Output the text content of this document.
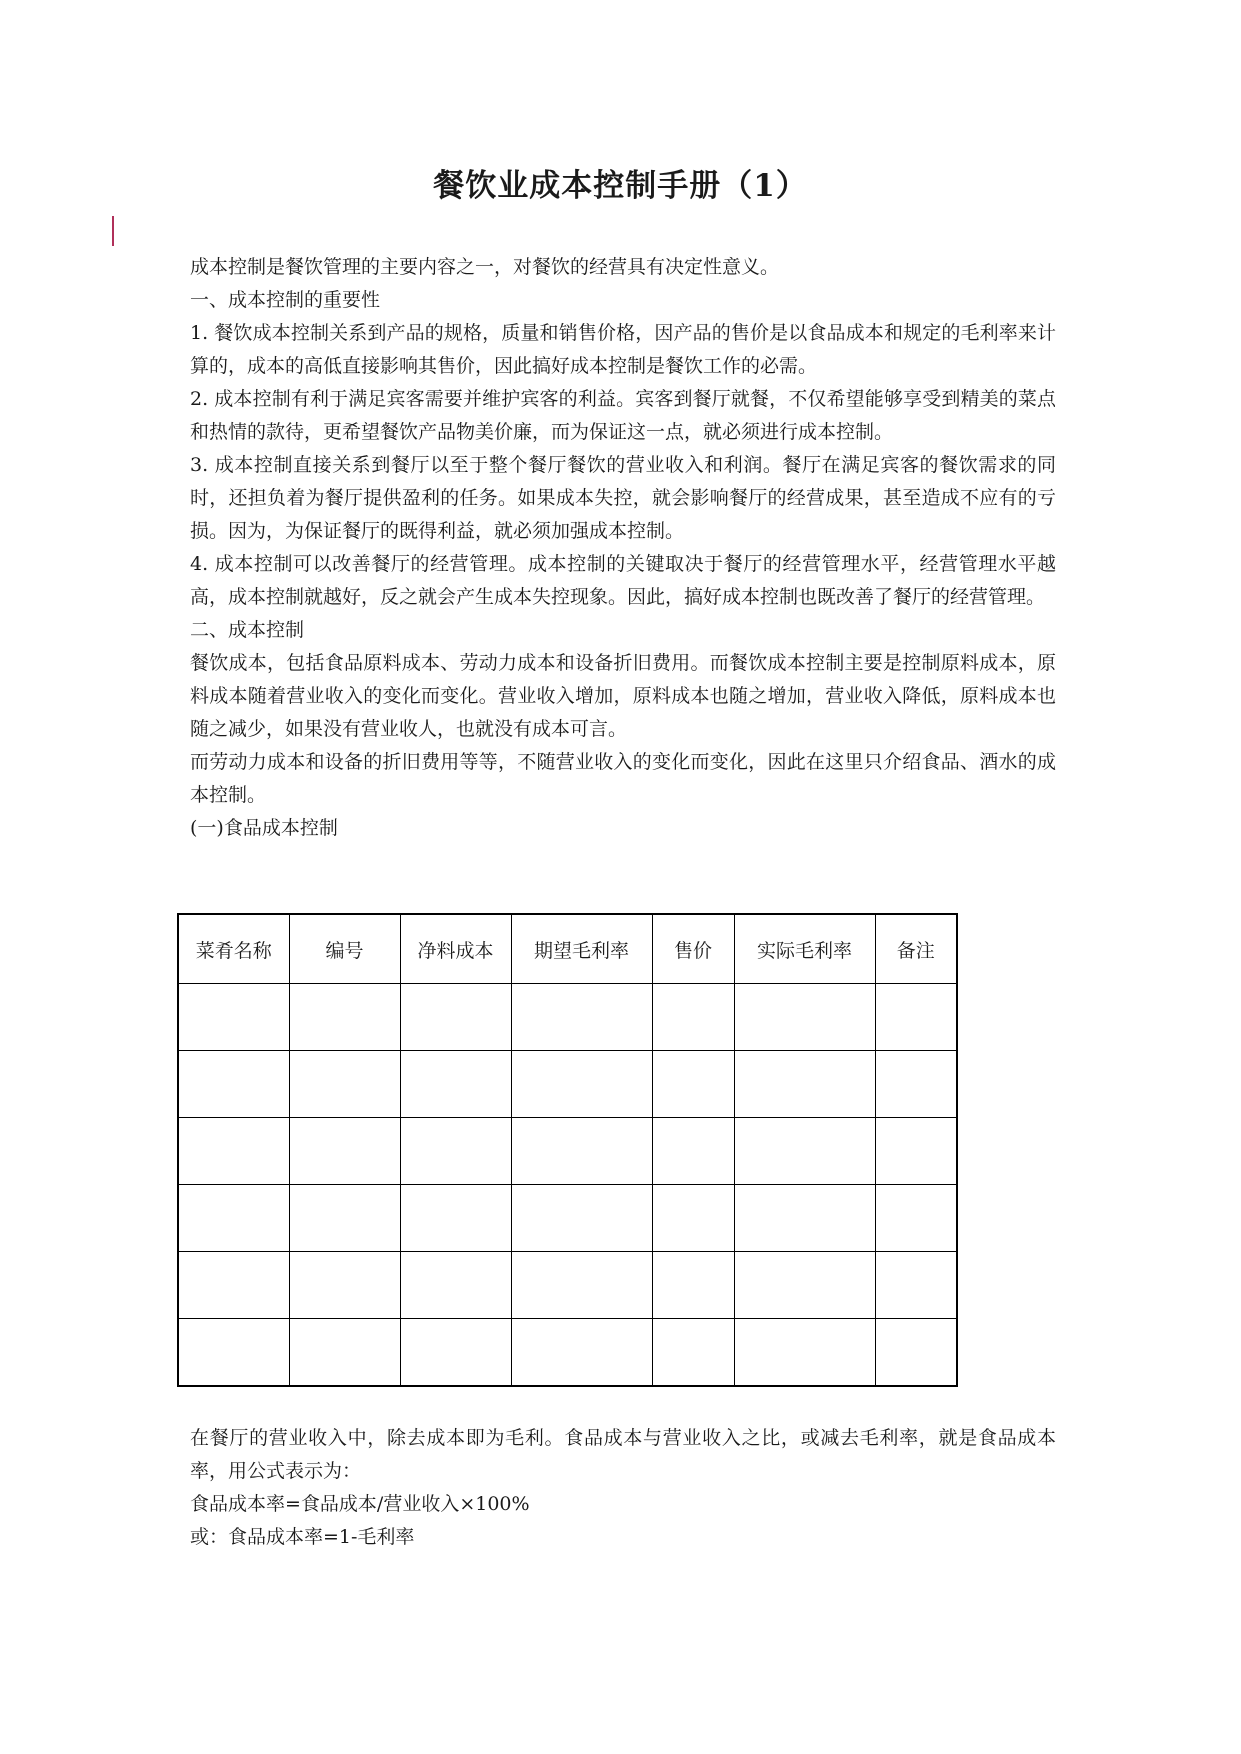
餐饮业成本控制手册（1）

成本控制是餐饮管理的主要内容之一，对餐饮的经营具有决定性意义。

一、成本控制的重要性

1. 餐饮成本控制关系到产品的规格，质量和销售价格，因产品的售价是以食品成本和规定的毛利率来计算的，成本的高低直接影响其售价，因此搞好成本控制是餐饮工作的必需。

2. 成本控制有利于满足宾客需要并维护宾客的利益。宾客到餐厅就餐，不仅希望能够享受到精美的菜点和热情的款待，更希望餐饮产品物美价廉，而为保证这一点，就必须进行成本控制。

3. 成本控制直接关系到餐厅以至于整个餐厅餐饮的营业收入和利润。餐厅在满足宾客的餐饮需求的同时，还担负着为餐厅提供盈利的任务。如果成本失控，就会影响餐厅的经营成果，甚至造成不应有的亏损。因为，为保证餐厅的既得利益，就必须加强成本控制。

4. 成本控制可以改善餐厅的经营管理。成本控制的关键取决于餐厅的经营管理水平，经营管理水平越高，成本控制就越好，反之就会产生成本失控现象。因此，搞好成本控制也既改善了餐厅的经营管理。

二、成本控制

餐饮成本，包括食品原料成本、劳动力成本和设备折旧费用。而餐饮成本控制主要是控制原料成本，原料成本随着营业收入的变化而变化。营业收入增加，原料成本也随之增加，营业收入降低，原料成本也随之减少，如果没有营业收人，也就没有成本可言。

而劳动力成本和设备的折旧费用等等，不随营业收入的变化而变化，因此在这里只介绍食品、酒水的成本控制。

(一)食品成本控制

菜肴名称	编号	净料成本	期望毛利率	售价	实际毛利率	备注

在餐厅的营业收入中，除去成本即为毛利。食品成本与营业收入之比，或减去毛利率，就是食品成本率，用公式表示为：

食品成本率=食品成本/营业收入×100%

或：食品成本率=1-毛利率
